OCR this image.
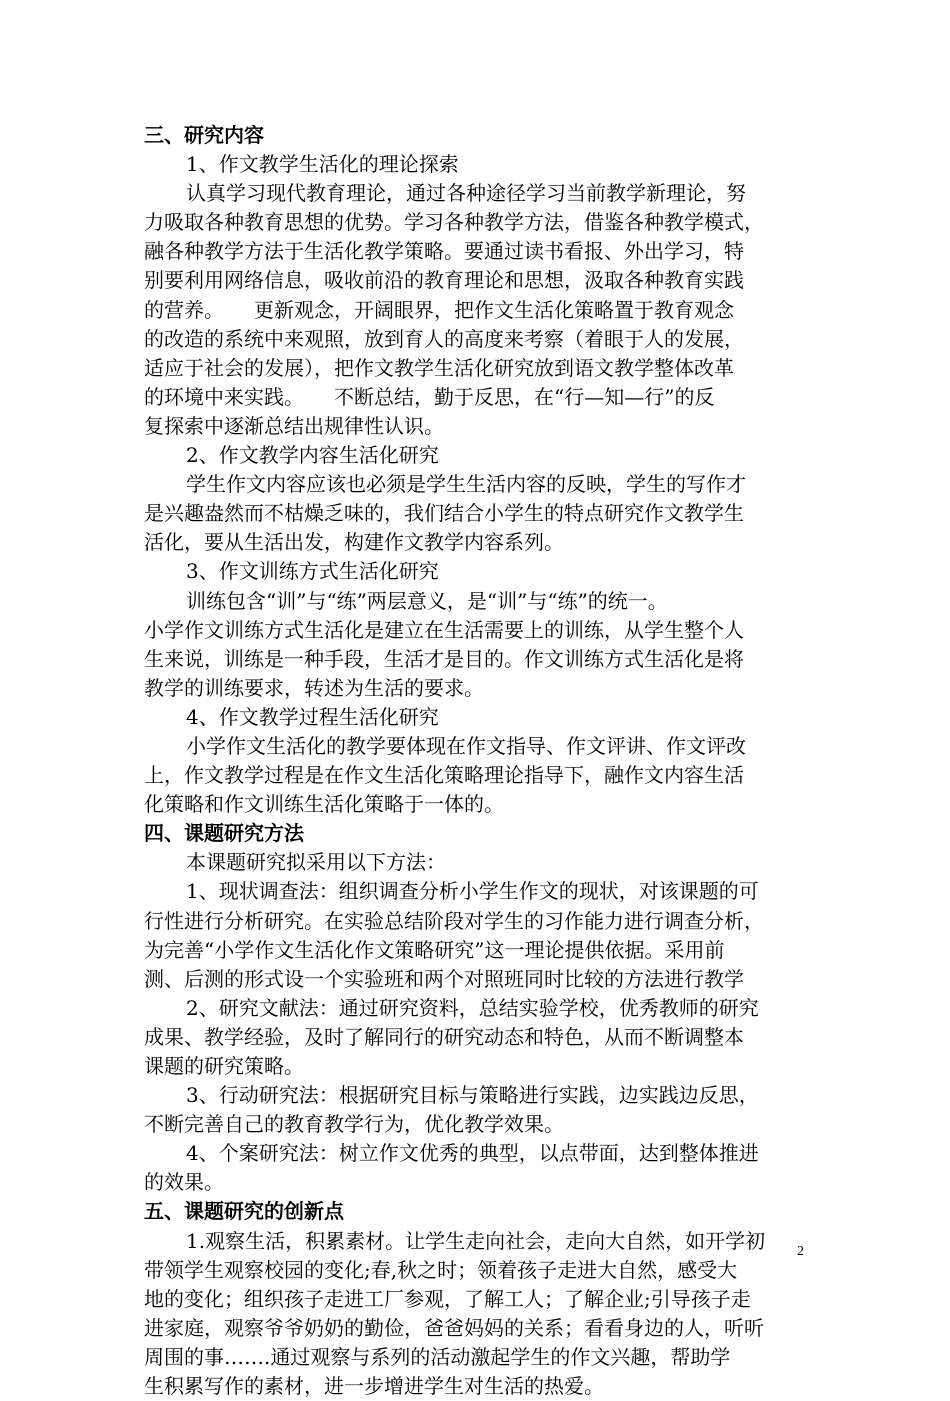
三、研究内容
1、作文教学生活化的理论探索
认真学习现代教育理论，通过各种途径学习当前教学新理论，努
力吸取各种教育思想的优势。学习各种教学方法，借鉴各种教学模式，
融各种教学方法于生活化教学策略。要通过读书看报、外出学习，特
别要利用网络信息，吸收前沿的教育理论和思想，汲取各种教育实践
的营养。　　更新观念，开阔眼界，把作文生活化策略置于教育观念
的改造的系统中来观照，放到育人的高度来考察（着眼于人的发展，
适应于社会的发展），把作文教学生活化研究放到语文教学整体改革
的环境中来实践。　　不断总结，勤于反思，在“行—知—行”的反
复探索中逐渐总结出规律性认识。
2、作文教学内容生活化研究
学生作文内容应该也必须是学生生活内容的反映，学生的写作才
是兴趣盎然而不枯燥乏味的，我们结合小学生的特点研究作文教学生
活化，要从生活出发，构建作文教学内容系列。
3、作文训练方式生活化研究
训练包含“训”与“练”两层意义，是“训”与“练”的统一。
小学作文训练方式生活化是建立在生活需要上的训练，从学生整个人
生来说，训练是一种手段，生活才是目的。作文训练方式生活化是将
教学的训练要求，转述为生活的要求。
4、作文教学过程生活化研究
小学作文生活化的教学要体现在作文指导、作文评讲、作文评改
上，作文教学过程是在作文生活化策略理论指导下，融作文内容生活
化策略和作文训练生活化策略于一体的。
四、课题研究方法
本课题研究拟采用以下方法：
1、现状调查法：组织调查分析小学生作文的现状，对该课题的可
行性进行分析研究。在实验总结阶段对学生的习作能力进行调查分析，
为完善“小学作文生活化作文策略研究”这一理论提供依据。采用前
测、后测的形式设一个实验班和两个对照班同时比较的方法进行教学
2、研究文献法：通过研究资料，总结实验学校，优秀教师的研究
成果、教学经验，及时了解同行的研究动态和特色，从而不断调整本
课题的研究策略。
3、行动研究法：根据研究目标与策略进行实践，边实践边反思，
不断完善自己的教育教学行为，优化教学效果。
4、个案研究法：树立作文优秀的典型，以点带面，达到整体推进
的效果。
五、课题研究的创新点
1.观察生活，积累素材。让学生走向社会，走向大自然，如开学初
带领学生观察校园的变化;春,秋之时；领着孩子走进大自然，感受大
地的变化；组织孩子走进工厂参观，了解工人；了解企业;引导孩子走
进家庭，观察爷爷奶奶的勤俭，爸爸妈妈的关系；看看身边的人，听听
周围的事…….通过观察与系列的活动激起学生的作文兴趣，帮助学
生积累写作的素材，进一步增进学生对生活的热爱。
2
